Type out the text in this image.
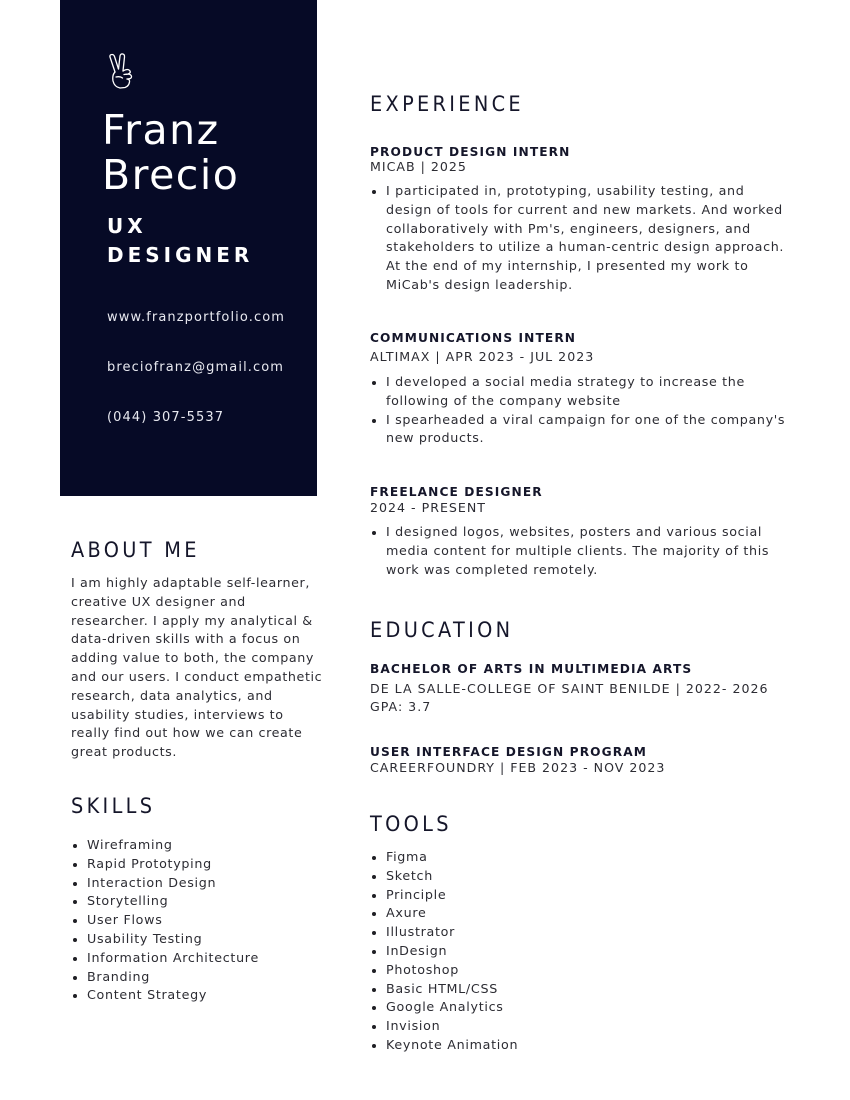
Franz
Brecio
UX
DESIGNER
www.franzportfolio.com
breciofranz@gmail.com
(044) 307-5537
ABOUT ME

I am highly adaptable self-learner, creative UX designer and researcher. I apply my analytical & data-driven skills with a focus on adding value to both, the company and our users. I conduct empathetic research, data analytics, and usability studies, interviews to really find out how we can create great products.

SKILLS
Wireframing
Rapid Prototyping
Interaction Design
Storytelling
User Flows
Usability Testing
Information Architecture
Branding
Content Strategy
EXPERIENCE
PRODUCT DESIGN INTERN
MICAB | 2025
I participated in, prototyping, usability testing, and design of tools for current and new markets. And worked collaboratively with Pm's, engineers, designers, and stakeholders to utilize a human-centric design approach. At the end of my internship, I presented my work to MiCab's design leadership.
COMMUNICATIONS INTERN
ALTIMAX | APR 2023 - JUL 2023
I developed a social media strategy to increase the following of the company website
I spearheaded a viral campaign for one of the company's new products.
FREELANCE DESIGNER
2024 - PRESENT
I designed logos, websites, posters and various social media content for multiple clients. The majority of this work was completed remotely.
EDUCATION
BACHELOR OF ARTS IN MULTIMEDIA ARTS
DE LA SALLE-COLLEGE OF SAINT BENILDE | 2022- 2026
GPA: 3.7
USER INTERFACE DESIGN PROGRAM
CAREERFOUNDRY | FEB 2023 - NOV 2023
TOOLS
Figma
Sketch
Principle
Axure
Illustrator
InDesign
Photoshop
Basic HTML/CSS
Google Analytics
Invision
Keynote Animation
